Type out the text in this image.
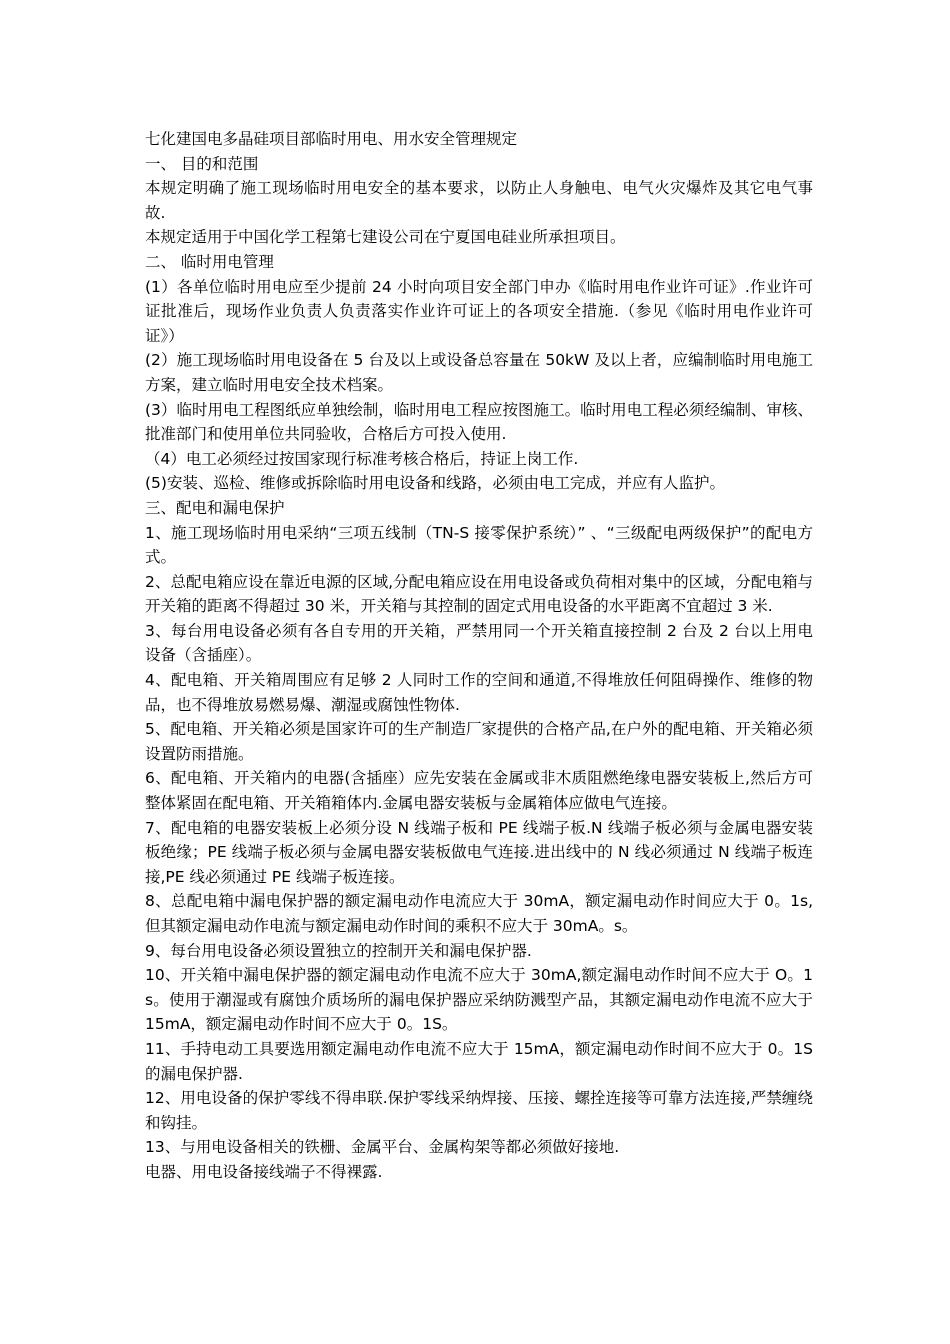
七化建国电多晶硅项目部临时用电、用水安全管理规定

一、 目的和范围

本规定明确了施工现场临时用电安全的基本要求，以防止人身触电、电气火灾爆炸及其它电气事故.

本规定适用于中国化学工程第七建设公司在宁夏国电硅业所承担项目。

二、 临时用电管理

(1）各单位临时用电应至少提前 24 小时向项目安全部门申办《临时用电作业许可证》.作业许可证批准后，现场作业负责人负责落实作业许可证上的各项安全措施.（参见《临时用电作业许可证》）

(2）施工现场临时用电设备在 5 台及以上或设备总容量在 50kW 及以上者，应编制临时用电施工方案，建立临时用电安全技术档案。

(3）临时用电工程图纸应单独绘制，临时用电工程应按图施工。临时用电工程必须经编制、审核、批准部门和使用单位共同验收，合格后方可投入使用.

（4）电工必须经过按国家现行标准考核合格后，持证上岗工作.

(5)安装、巡检、维修或拆除临时用电设备和线路，必须由电工完成，并应有人监护。

三、配电和漏电保护

1、施工现场临时用电采纳“三项五线制（TN-S 接零保护系统）” 、“三级配电两级保护”的配电方式。

2、总配电箱应设在靠近电源的区域,分配电箱应设在用电设备或负荷相对集中的区域，分配电箱与开关箱的距离不得超过 30 米，开关箱与其控制的固定式用电设备的水平距离不宜超过 3 米.

3、每台用电设备必须有各自专用的开关箱，严禁用同一个开关箱直接控制 2 台及 2 台以上用电设备（含插座）。

4、配电箱、开关箱周围应有足够 2 人同时工作的空间和通道,不得堆放任何阻碍操作、维修的物品，也不得堆放易燃易爆、潮湿或腐蚀性物体.

5、配电箱、开关箱必须是国家许可的生产制造厂家提供的合格产品,在户外的配电箱、开关箱必须设置防雨措施。

6、配电箱、开关箱内的电器(含插座）应先安装在金属或非木质阻燃绝缘电器安装板上,然后方可整体紧固在配电箱、开关箱箱体内.金属电器安装板与金属箱体应做电气连接。

7、配电箱的电器安装板上必须分设 N 线端子板和 PE 线端子板.N 线端子板必须与金属电器安装板绝缘；PE 线端子板必须与金属电器安装板做电气连接.进出线中的 N 线必须通过 N 线端子板连接,PE 线必须通过 PE 线端子板连接。

8、总配电箱中漏电保护器的额定漏电动作电流应大于 30mA，额定漏电动作时间应大于 0。1s,但其额定漏电动作电流与额定漏电动作时间的乘积不应大于 30mA。s。

9、每台用电设备必须设置独立的控制开关和漏电保护器.

10、开关箱中漏电保护器的额定漏电动作电流不应大于 30mA,额定漏电动作时间不应大于 O。1s。使用于潮湿或有腐蚀介质场所的漏电保护器应采纳防溅型产品，其额定漏电动作电流不应大于 15mA，额定漏电动作时间不应大于 0。1S。

11、手持电动工具要选用额定漏电动作电流不应大于 15mA，额定漏电动作时间不应大于 0。1S 的漏电保护器.

12、用电设备的保护零线不得串联.保护零线采纳焊接、压接、螺拴连接等可靠方法连接,严禁缠绕和钩挂。

13、与用电设备相关的铁栅、金属平台、金属构架等都必须做好接地.

电器、用电设备接线端子不得裸露.
